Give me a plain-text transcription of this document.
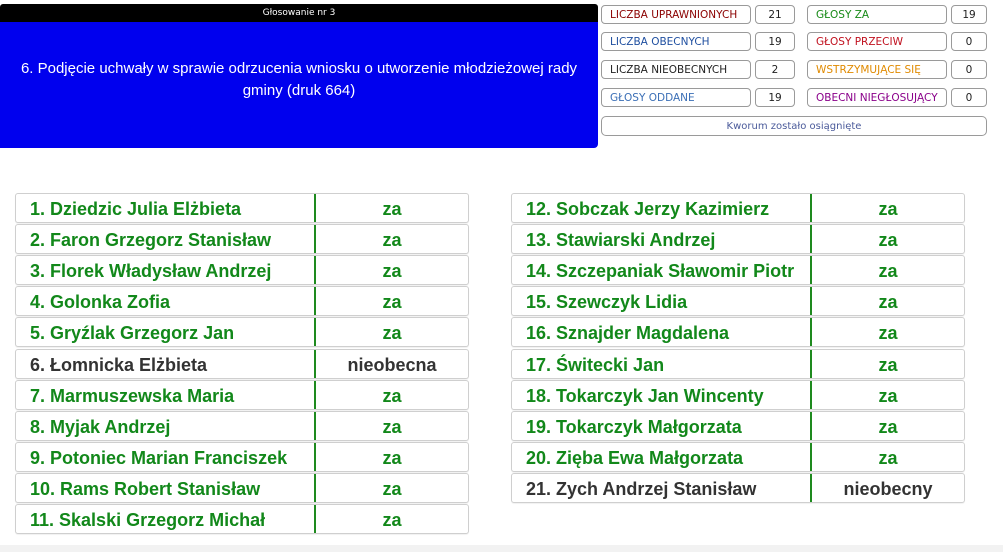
Głosowanie nr 3
6. Podjęcie uchwały w sprawie odrzucenia wniosku o utworzenie młodzieżowej rady gminy (druk 664)
LICZBA UPRAWNIONYCH	21
LICZBA OBECNYCH	19
LICZBA NIEOBECNYCH	2
GŁOSY ODDANE	19
GŁOSY ZA	19
GŁOSY PRZECIW	0
WSTRZYMUJĄCE SIĘ	0
OBECNI NIEGŁOSUJĄCY	0
Kworum zostało osiągnięte
1. Dziedzic Julia Elżbieta	za
2. Faron Grzegorz Stanisław	za
3. Florek Władysław Andrzej	za
4. Golonka Zofia	za
5. Gryźlak Grzegorz Jan	za
6. Łomnicka Elżbieta	nieobecna
7. Marmuszewska Maria	za
8. Myjak Andrzej	za
9. Potoniec Marian Franciszek	za
10. Rams Robert Stanisław	za
11. Skalski Grzegorz Michał	za
12. Sobczak Jerzy Kazimierz	za
13. Stawiarski Andrzej	za
14. Szczepaniak Sławomir Piotr	za
15. Szewczyk Lidia	za
16. Sznajder Magdalena	za
17. Świtecki Jan	za
18. Tokarczyk Jan Wincenty	za
19. Tokarczyk Małgorzata	za
20. Zięba Ewa Małgorzata	za
21. Zych Andrzej Stanisław	nieobecny
